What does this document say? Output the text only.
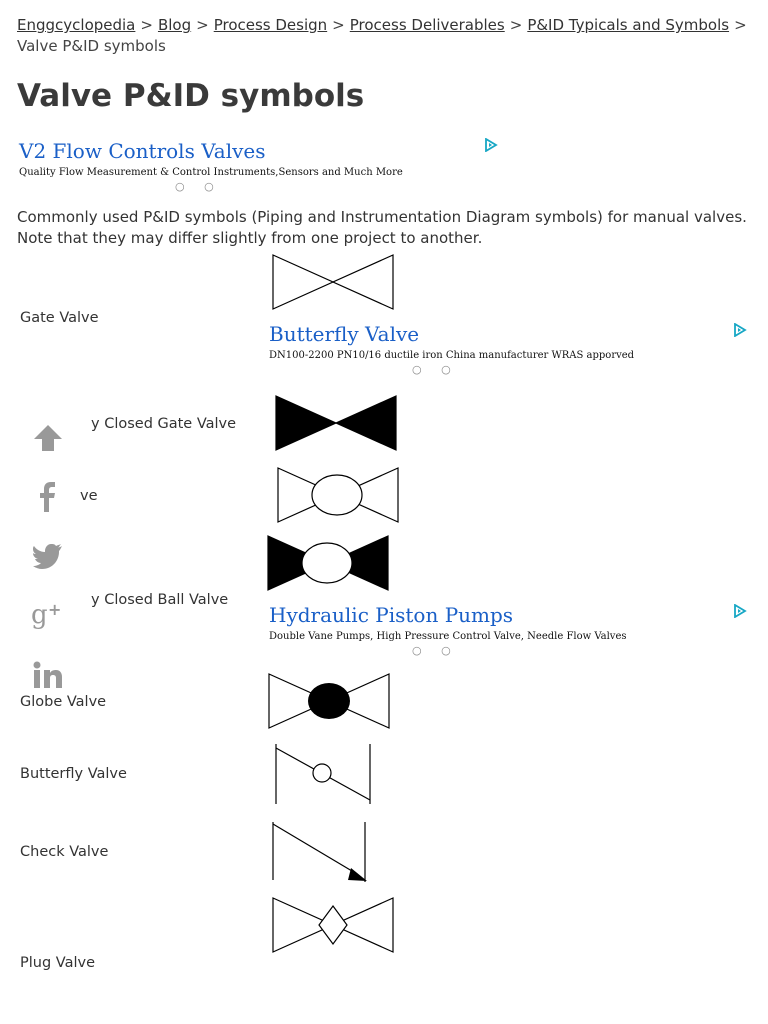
Enggcyclopedia > Blog > Process Design > Process Deliverables > P&ID Typicals and Symbols >
Valve P&ID symbols
Valve P&ID symbols
V2 Flow Controls Valves
Quality Flow Measurement & Control Instruments,Sensors and Much More
○ ○
Commonly used P&ID symbols (Piping and Instrumentation Diagram symbols) for manual valves. Note that they may differ slightly from one project to another.
Gate Valve
y Closed Gate Valve
ve
y Closed Ball Valve
Globe Valve
Butterfly Valve
Check Valve
Plug Valve
Butterfly Valve
DN100-2200 PN10/16 ductile iron China manufacturer WRAS apporved
○ ○
Hydraulic Piston Pumps
Double Vane Pumps, High Pressure Control Valve, Needle Flow Valves
○ ○
g +
